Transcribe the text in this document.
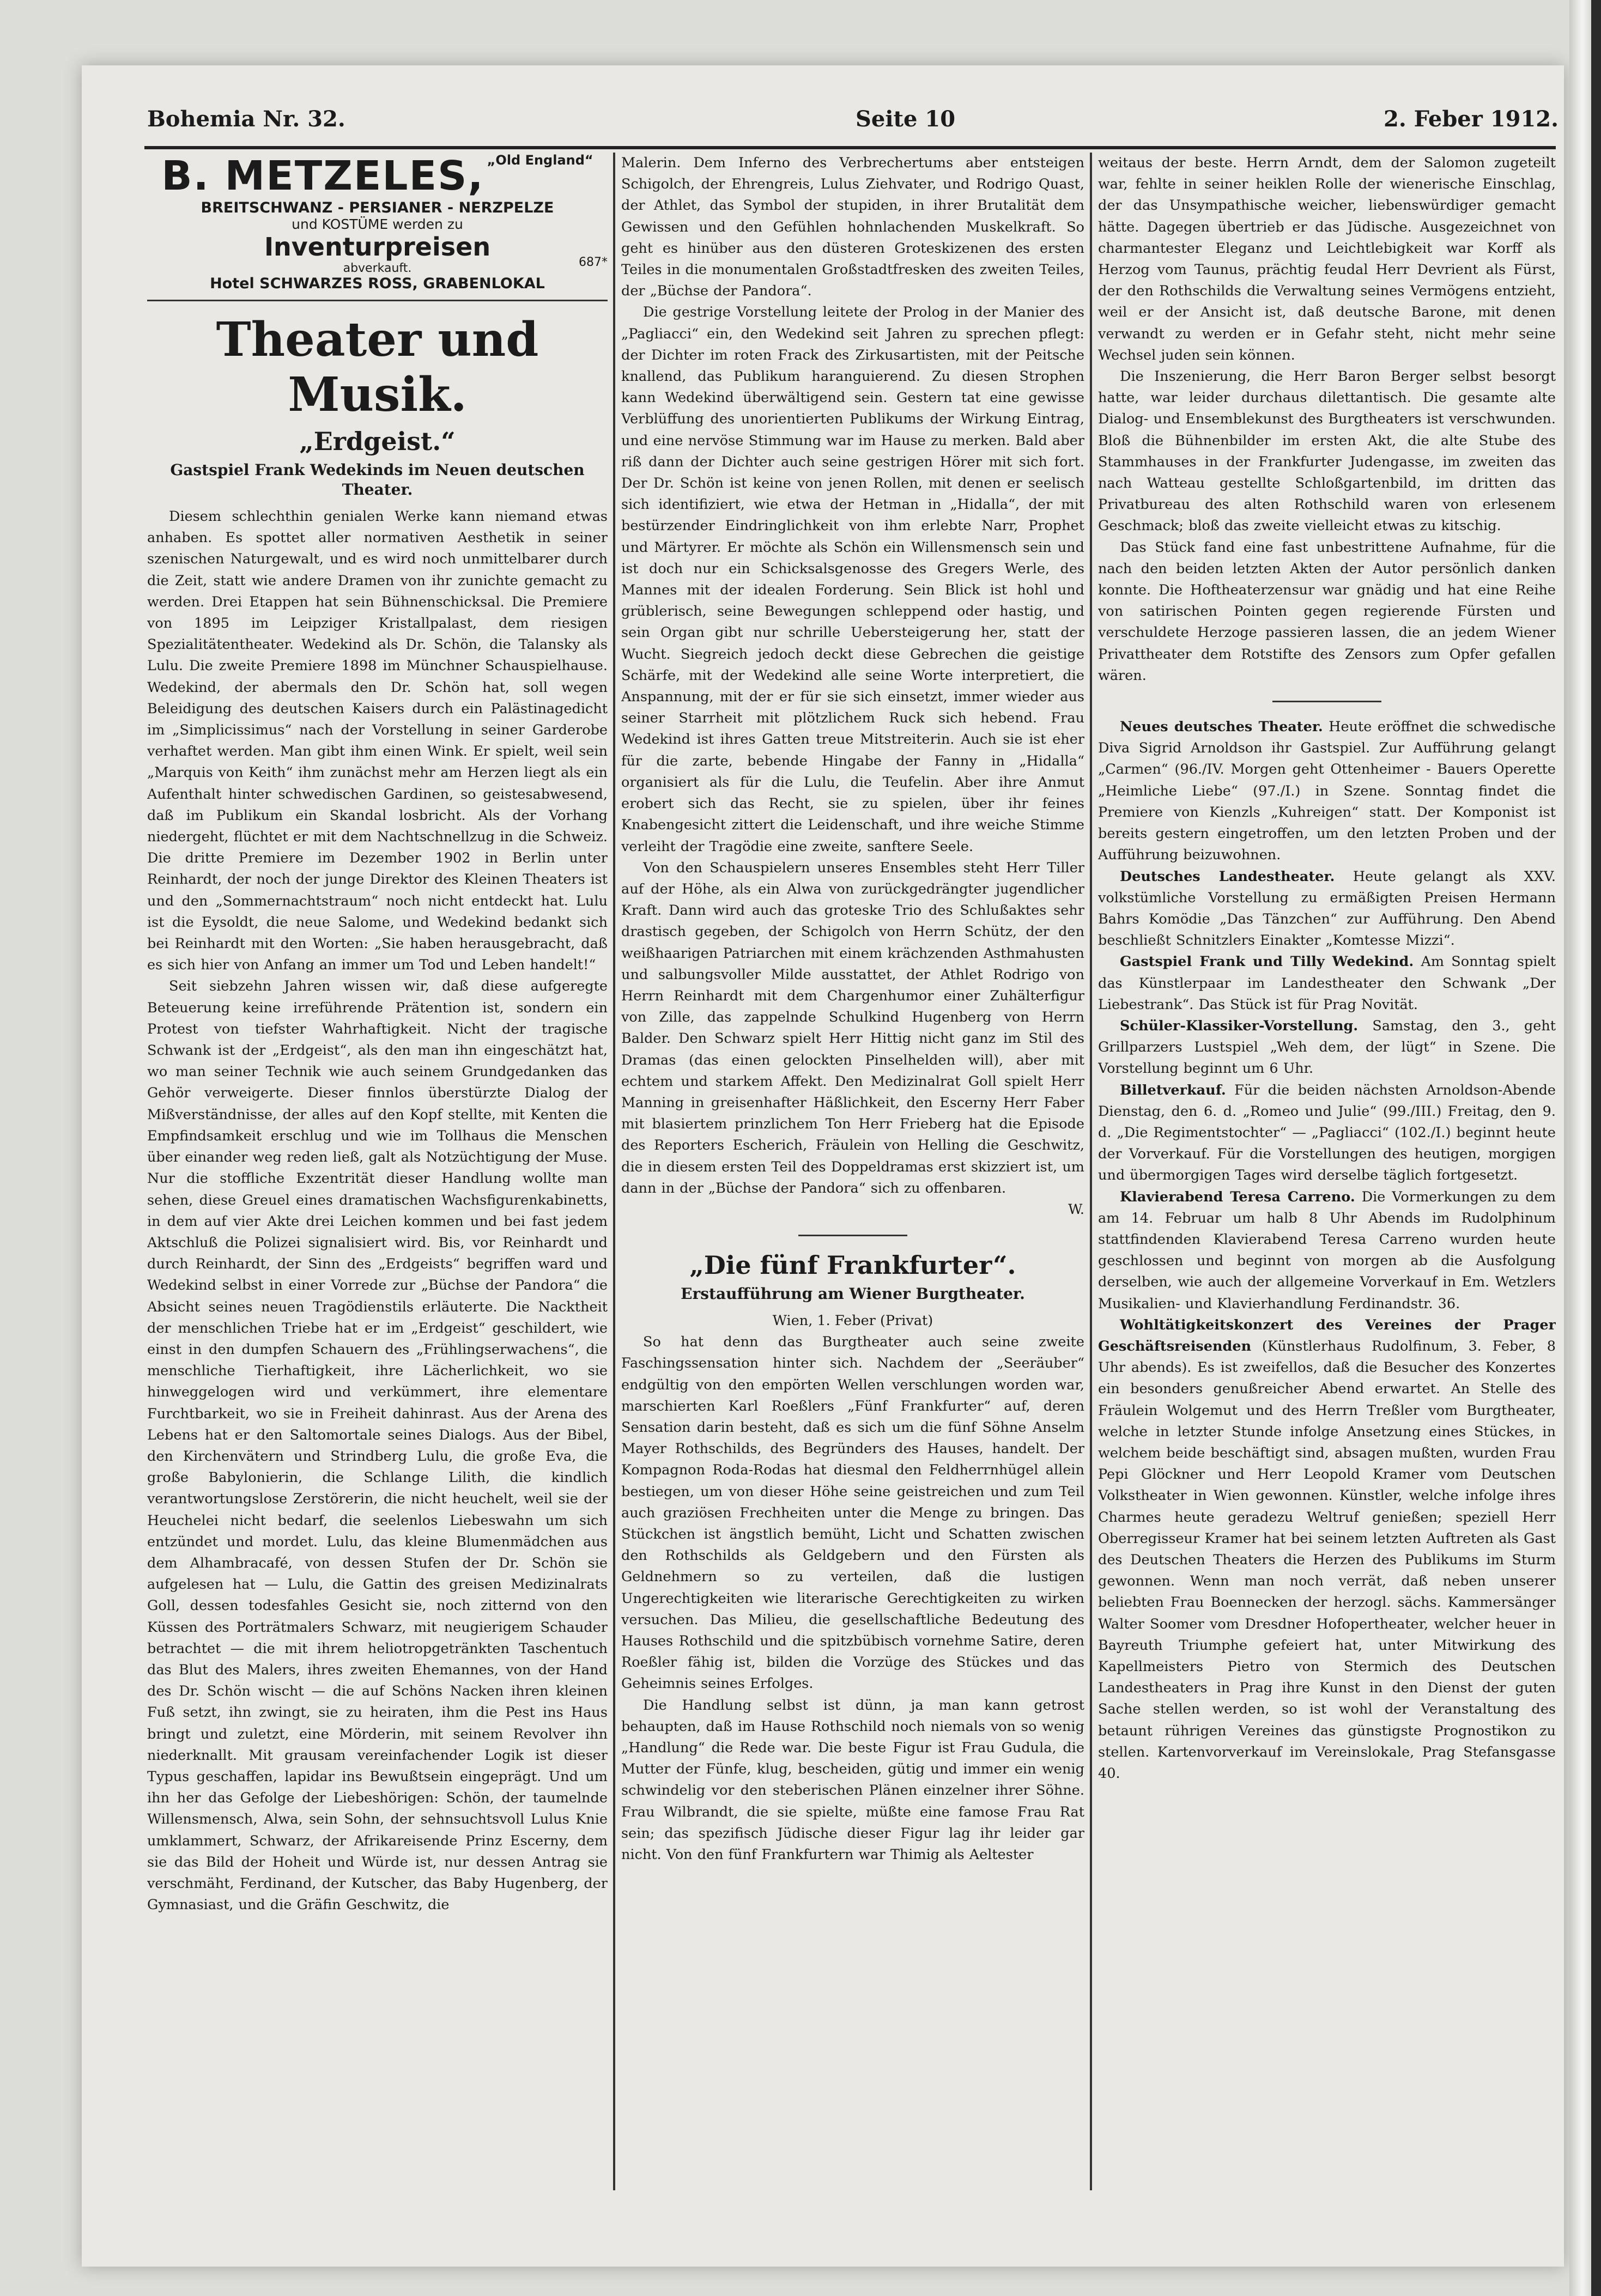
Bohemia Nr. 32.	Seite 10	2. Feber 1912.
B. METZELES, „Old England“
BREITSCHWANZ - PERSIANER - NERZPELZE
und KOSTÜME werden zu
Inventurpreisen
abverkauft.	687*
Hotel SCHWARZES ROSS, GRABENLOKAL
Theater und Musik.
„Erdgeist.“
Gastspiel Frank Wedekinds im Neuen deutschen Theater.

Diesem schlechthin genialen Werke kann niemand etwas anhaben. Es spottet aller normativen Aesthetik in seiner szenischen Naturgewalt, und es wird noch unmittelbarer durch die Zeit, statt wie andere Dramen von ihr zunichte gemacht zu werden. Drei Etappen hat sein Bühnenschicksal. Die Premiere von 1895 im Leipziger Kristallpalast, dem riesigen Spezialitätentheater. Wedekind als Dr. Schön, die Talansky als Lulu. Die zweite Premiere 1898 im Münchner Schauspielhause. Wedekind, der abermals den Dr. Schön hat, soll wegen Beleidigung des deutschen Kaisers durch ein Palästinagedicht im „Simplicissimus“ nach der Vorstellung in seiner Garderobe verhaftet werden. Man gibt ihm einen Wink. Er spielt, weil sein „Marquis von Keith“ ihm zunächst mehr am Herzen liegt als ein Aufenthalt hinter schwedischen Gardinen, so geistesabwesend, daß im Publikum ein Skandal losbricht. Als der Vorhang niedergeht, flüchtet er mit dem Nachtschnellzug in die Schweiz. Die dritte Premiere im Dezember 1902 in Berlin unter Reinhardt, der noch der junge Direktor des Kleinen Theaters ist und den „Sommernachtstraum“ noch nicht entdeckt hat. Lulu ist die Eysoldt, die neue Salome, und Wedekind bedankt sich bei Reinhardt mit den Worten: „Sie haben herausgebracht, daß es sich hier von Anfang an immer um Tod und Leben handelt!“

Seit siebzehn Jahren wissen wir, daß diese aufgeregte Beteuerung keine irreführende Prätention ist, sondern ein Protest von tiefster Wahrhaftigkeit. Nicht der tragische Schwank ist der „Erdgeist“, als den man ihn eingeschätzt hat, wo man seiner Technik wie auch seinem Grundgedanken das Gehör verweigerte. Dieser finnlos überstürzte Dialog der Mißverständnisse, der alles auf den Kopf stellte, mit Kenten die Empfindsamkeit erschlug und wie im Tollhaus die Menschen über einander weg reden ließ, galt als Notzüchtigung der Muse. Nur die stoffliche Exzentrität dieser Handlung wollte man sehen, diese Greuel eines dramatischen Wachsfigurenkabinetts, in dem auf vier Akte drei Leichen kommen und bei fast jedem Aktschluß die Polizei signalisiert wird. Bis, vor Reinhardt und durch Reinhardt, der Sinn des „Erdgeists“ begriffen ward und Wedekind selbst in einer Vorrede zur „Büchse der Pandora“ die Absicht seines neuen Tragödienstils erläuterte. Die Nacktheit der menschlichen Triebe hat er im „Erdgeist“ geschildert, wie einst in den dumpfen Schauern des „Frühlingserwachens“, die menschliche Tierhaftigkeit, ihre Lächerlichkeit, wo sie hinweggelogen wird und verkümmert, ihre elementare Furchtbarkeit, wo sie in Freiheit dahinrast. Aus der Arena des Lebens hat er den Saltomortale seines Dialogs. Aus der Bibel, den Kirchenvätern und Strindberg Lulu, die große Eva, die große Babylonierin, die Schlange Lilith, die kindlich verantwortungslose Zerstörerin, die nicht heuchelt, weil sie der Heuchelei nicht bedarf, die seelenlos Liebeswahn um sich entzündet und mordet. Lulu, das kleine Blumenmädchen aus dem Alhambracafé, von dessen Stufen der Dr. Schön sie aufgelesen hat — Lulu, die Gattin des greisen Medizinalrats Goll, dessen todesfahles Gesicht sie, noch zitternd von den Küssen des Porträtmalers Schwarz, mit neugierigem Schauder betrachtet — die mit ihrem heliotropgetränkten Taschentuch das Blut des Malers, ihres zweiten Ehemannes, von der Hand des Dr. Schön wischt — die auf Schöns Nacken ihren kleinen Fuß setzt, ihn zwingt, sie zu heiraten, ihm die Pest ins Haus bringt und zuletzt, eine Mörderin, mit seinem Revolver ihn niederknallt. Mit grausam vereinfachender Logik ist dieser Typus geschaffen, lapidar ins Bewußtsein eingeprägt. Und um ihn her das Gefolge der Liebeshörigen: Schön, der taumelnde Willensmensch, Alwa, sein Sohn, der sehnsuchtsvoll Lulus Knie umklammert, Schwarz, der Afrikareisende Prinz Escerny, dem sie das Bild der Hoheit und Würde ist, nur dessen Antrag sie verschmäht, Ferdinand, der Kutscher, das Baby Hugenberg, der Gymnasiast, und die Gräfin Geschwitz, die

Malerin. Dem Inferno des Verbrechertums aber entsteigen Schigolch, der Ehrengreis, Lulus Ziehvater, und Rodrigo Quast, der Athlet, das Symbol der stupiden, in ihrer Brutalität dem Gewissen und den Gefühlen hohnlachenden Muskelkraft. So geht es hinüber aus den düsteren Groteskizenen des ersten Teiles in die monumentalen Großstadtfresken des zweiten Teiles, der „Büchse der Pandora“.

Die gestrige Vorstellung leitete der Prolog in der Manier des „Pagliacci“ ein, den Wedekind seit Jahren zu sprechen pflegt: der Dichter im roten Frack des Zirkusartisten, mit der Peitsche knallend, das Publikum haranguierend. Zu diesen Strophen kann Wedekind überwältigend sein. Gestern tat eine gewisse Verblüffung des unorientierten Publikums der Wirkung Eintrag, und eine nervöse Stimmung war im Hause zu merken. Bald aber riß dann der Dichter auch seine gestrigen Hörer mit sich fort. Der Dr. Schön ist keine von jenen Rollen, mit denen er seelisch sich identifiziert, wie etwa der Hetman in „Hidalla“, der mit bestürzender Eindringlichkeit von ihm erlebte Narr, Prophet und Märtyrer. Er möchte als Schön ein Willensmensch sein und ist doch nur ein Schicksalsgenosse des Gregers Werle, des Mannes mit der idealen Forderung. Sein Blick ist hohl und grüblerisch, seine Bewegungen schleppend oder hastig, und sein Organ gibt nur schrille Uebersteigerung her, statt der Wucht. Siegreich jedoch deckt diese Gebrechen die geistige Schärfe, mit der Wedekind alle seine Worte interpretiert, die Anspannung, mit der er für sie sich einsetzt, immer wieder aus seiner Starrheit mit plötzlichem Ruck sich hebend. Frau Wedekind ist ihres Gatten treue Mitstreiterin. Auch sie ist eher für die zarte, bebende Hingabe der Fanny in „Hidalla“ organisiert als für die Lulu, die Teufelin. Aber ihre Anmut erobert sich das Recht, sie zu spielen, über ihr feines Knabengesicht zittert die Leidenschaft, und ihre weiche Stimme verleiht der Tragödie eine zweite, sanftere Seele.

Von den Schauspielern unseres Ensembles steht Herr Tiller auf der Höhe, als ein Alwa von zurückgedrängter jugendlicher Kraft. Dann wird auch das groteske Trio des Schlußaktes sehr drastisch gegeben, der Schigolch von Herrn Schütz, der den weißhaarigen Patriarchen mit einem krächzenden Asthmahusten und salbungsvoller Milde ausstattet, der Athlet Rodrigo von Herrn Reinhardt mit dem Chargenhumor einer Zuhälterfigur von Zille, das zappelnde Schulkind Hugenberg von Herrn Balder. Den Schwarz spielt Herr Hittig nicht ganz im Stil des Dramas (das einen gelockten Pinselhelden will), aber mit echtem und starkem Affekt. Den Medizinalrat Goll spielt Herr Manning in greisenhafter Häßlichkeit, den Escerny Herr Faber mit blasiertem prinzlichem Ton Herr Frieberg hat die Episode des Reporters Escherich, Fräulein von Helling die Geschwitz, die in diesem ersten Teil des Doppeldramas erst skizziert ist, um dann in der „Büchse der Pandora“ sich zu offenbaren.

W.
„Die fünf Frankfurter“.
Erstaufführung am Wiener Burgtheater.
Wien, 1. Feber (Privat)

So hat denn das Burgtheater auch seine zweite Faschingssensation hinter sich. Nachdem der „Seeräuber“ endgültig von den empörten Wellen verschlungen worden war, marschierten Karl Roeßlers „Fünf Frankfurter“ auf, deren Sensation darin besteht, daß es sich um die fünf Söhne Anselm Mayer Rothschilds, des Begründers des Hauses, handelt. Der Kompagnon Roda-Rodas hat diesmal den Feldherrnhügel allein bestiegen, um von dieser Höhe seine geistreichen und zum Teil auch graziösen Frechheiten unter die Menge zu bringen. Das Stückchen ist ängstlich bemüht, Licht und Schatten zwischen den Rothschilds als Geldgebern und den Fürsten als Geldnehmern so zu verteilen, daß die lustigen Ungerechtigkeiten wie literarische Gerechtigkeiten zu wirken versuchen. Das Milieu, die gesellschaftliche Bedeutung des Hauses Rothschild und die spitzbübisch vornehme Satire, deren Roeßler fähig ist, bilden die Vorzüge des Stückes und das Geheimnis seines Erfolges.

Die Handlung selbst ist dünn, ja man kann getrost behaupten, daß im Hause Rothschild noch niemals von so wenig „Handlung“ die Rede war. Die beste Figur ist Frau Gudula, die Mutter der Fünfe, klug, bescheiden, gütig und immer ein wenig schwindelig vor den steberischen Plänen einzelner ihrer Söhne. Frau Wilbrandt, die sie spielte, müßte eine famose Frau Rat sein; das spezifisch Jüdische dieser Figur lag ihr leider gar nicht. Von den fünf Frankfurtern war Thimig als Aeltester

weitaus der beste. Herrn Arndt, dem der Salomon zugeteilt war, fehlte in seiner heiklen Rolle der wienerische Einschlag, der das Unsympathische weicher, liebenswürdiger gemacht hätte. Dagegen übertrieb er das Jüdische. Ausgezeichnet von charmantester Eleganz und Leichtlebigkeit war Korff als Herzog vom Taunus, prächtig feudal Herr Devrient als Fürst, der den Rothschilds die Verwaltung seines Vermögens entzieht, weil er der Ansicht ist, daß deutsche Barone, mit denen verwandt zu werden er in Gefahr steht, nicht mehr seine Wechsel juden sein können.

Die Inszenierung, die Herr Baron Berger selbst besorgt hatte, war leider durchaus dilettantisch. Die gesamte alte Dialog- und Ensemblekunst des Burgtheaters ist verschwunden. Bloß die Bühnenbilder im ersten Akt, die alte Stube des Stammhauses in der Frankfurter Judengasse, im zweiten das nach Watteau gestellte Schloßgartenbild, im dritten das Privatbureau des alten Rothschild waren von erlesenem Geschmack; bloß das zweite vielleicht etwas zu kitschig.

Das Stück fand eine fast unbestrittene Aufnahme, für die nach den beiden letzten Akten der Autor persönlich danken konnte. Die Hoftheaterzensur war gnädig und hat eine Reihe von satirischen Pointen gegen regierende Fürsten und verschuldete Herzoge passieren lassen, die an jedem Wiener Privattheater dem Rotstifte des Zensors zum Opfer gefallen wären.

Neues deutsches Theater. Heute eröffnet die schwedische Diva Sigrid Arnoldson ihr Gastspiel. Zur Aufführung gelangt „Carmen“ (96./IV. Morgen geht Ottenheimer - Bauers Operette „Heimliche Liebe“ (97./I.) in Szene. Sonntag findet die Premiere von Kienzls „Kuhreigen“ statt. Der Komponist ist bereits gestern eingetroffen, um den letzten Proben und der Aufführung beizuwohnen.

Deutsches Landestheater. Heute gelangt als XXV. volkstümliche Vorstellung zu ermäßigten Preisen Hermann Bahrs Komödie „Das Tänzchen“ zur Aufführung. Den Abend beschließt Schnitzlers Einakter „Komtesse Mizzi“.

Gastspiel Frank und Tilly Wedekind. Am Sonntag spielt das Künstlerpaar im Landestheater den Schwank „Der Liebestrank“. Das Stück ist für Prag Novität.

Schüler-Klassiker-Vorstellung. Samstag, den 3., geht Grillparzers Lustspiel „Weh dem, der lügt“ in Szene. Die Vorstellung beginnt um 6 Uhr.

Billetverkauf. Für die beiden nächsten Arnoldson-Abende Dienstag, den 6. d. „Romeo und Julie“ (99./III.) Freitag, den 9. d. „Die Regimentstochter“ — „Pagliacci“ (102./I.) beginnt heute der Vorverkauf. Für die Vorstellungen des heutigen, morgigen und übermorgigen Tages wird derselbe täglich fortgesetzt.

Klavierabend Teresa Carreno. Die Vormerkungen zu dem am 14. Februar um halb 8 Uhr Abends im Rudolphinum stattfindenden Klavierabend Teresa Carreno wurden heute geschlossen und beginnt von morgen ab die Ausfolgung derselben, wie auch der allgemeine Vorverkauf in Em. Wetzlers Musikalien- und Klavierhandlung Ferdinandstr. 36.

Wohltätigkeitskonzert des Vereines der Prager Geschäftsreisenden (Künstlerhaus Rudolfinum, 3. Feber, 8 Uhr abends). Es ist zweifellos, daß die Besucher des Konzertes ein besonders genußreicher Abend erwartet. An Stelle des Fräulein Wolgemut und des Herrn Treßler vom Burgtheater, welche in letzter Stunde infolge Ansetzung eines Stückes, in welchem beide beschäftigt sind, absagen mußten, wurden Frau Pepi Glöckner und Herr Leopold Kramer vom Deutschen Volkstheater in Wien gewonnen. Künstler, welche infolge ihres Charmes heute geradezu Weltruf genießen; speziell Herr Oberregisseur Kramer hat bei seinem letzten Auftreten als Gast des Deutschen Theaters die Herzen des Publikums im Sturm gewonnen. Wenn man noch verrät, daß neben unserer beliebten Frau Boennecken der herzogl. sächs. Kammersänger Walter Soomer vom Dresdner Hofopertheater, welcher heuer in Bayreuth Triumphe gefeiert hat, unter Mitwirkung des Kapellmeisters Pietro von Stermich des Deutschen Landestheaters in Prag ihre Kunst in den Dienst der guten Sache stellen werden, so ist wohl der Veranstaltung des betaunt rührigen Vereines das günstigste Prognostikon zu stellen. Kartenvorverkauf im Vereinslokale, Prag Stefansgasse 40.
